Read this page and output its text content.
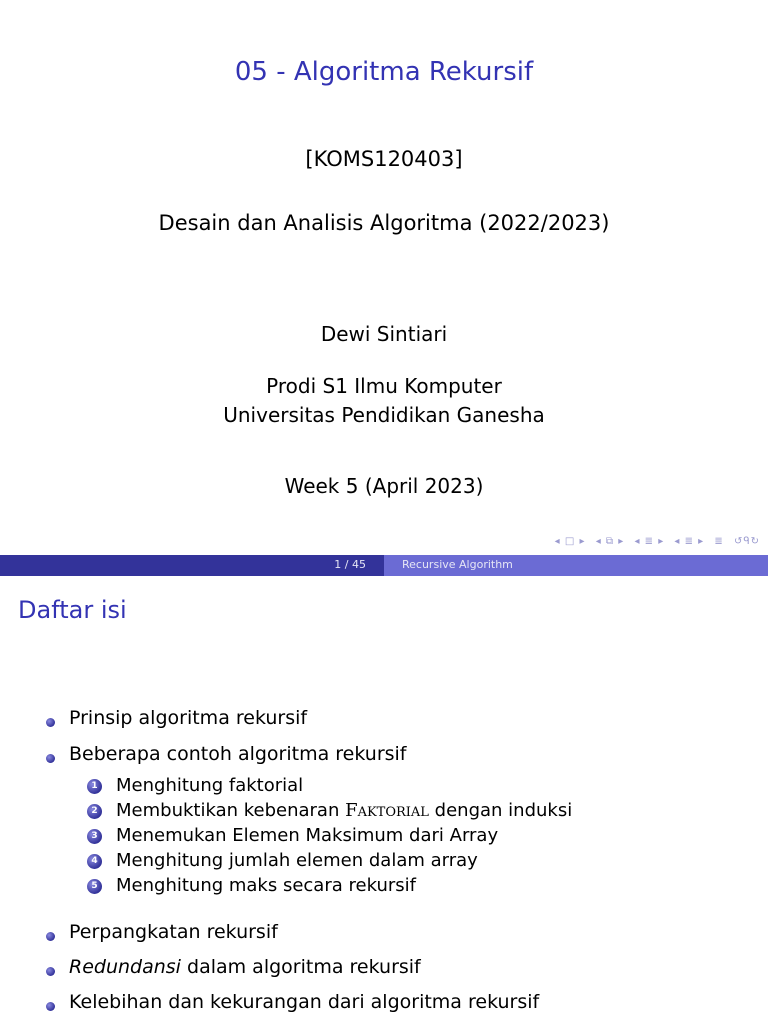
05 - Algoritma Rekursif
[KOMS120403]
Desain dan Analisis Algoritma (2022/2023)
Dewi Sintiari
Prodi S1 Ilmu Komputer
Universitas Pendidikan Ganesha
Week 5 (April 2023)
◂ □ ▸ ◂ ⧉ ▸ ◂ ≣ ▸ ◂ ≣ ▸ ≣ ↺ᑫ↻
1 / 45	Recursive Algorithm
Daftar isi
Prinsip algoritma rekursif
Beberapa contoh algoritma rekursif
1 Menghitung faktorial
2 Membuktikan kebenaran Faktorial dengan induksi
3 Menemukan Elemen Maksimum dari Array
4 Menghitung jumlah elemen dalam array
5 Menghitung maks secara rekursif
Perpangkatan rekursif
Redundansi dalam algoritma rekursif
Kelebihan dan kekurangan dari algoritma rekursif
